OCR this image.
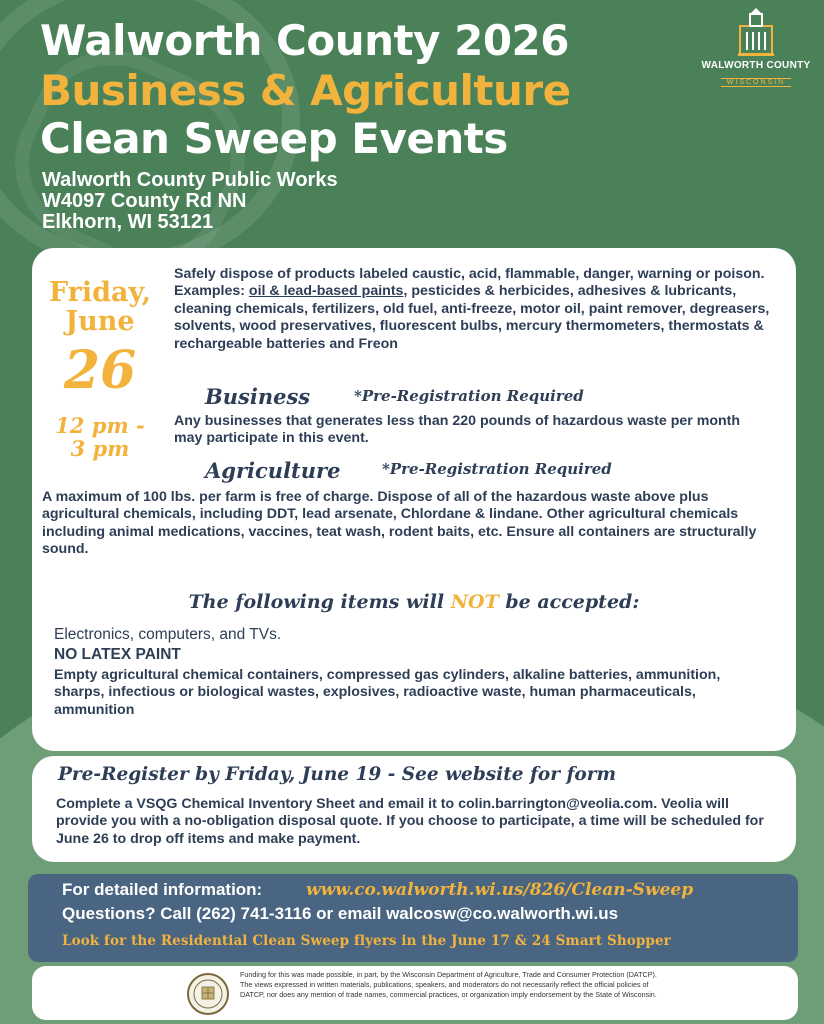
Walworth County 2026
Business & Agriculture
Clean Sweep Events
Walworth County Public Works
W4097 County Rd NN
Elkhorn, WI 53121
WALWORTH COUNTY
WISCONSIN
Friday,
June
26
12 pm -
3 pm
Safely dispose of products labeled caustic, acid, flammable, danger, warning or poison. Examples: oil & lead-based paints, pesticides & herbicides, adhesives & lubricants, cleaning chemicals, fertilizers, old fuel, anti-freeze, motor oil, paint remover, degreasers, solvents, wood preservatives, fluorescent bulbs, mercury thermometers, thermostats & rechargeable batteries and Freon
Business	*Pre-Registration Required
Any businesses that generates less than 220 pounds of hazardous waste per month may participate in this event.
Agriculture	*Pre-Registration Required
A maximum of 100 lbs. per farm is free of charge. Dispose of all of the hazardous waste above plus agricultural chemicals, including DDT, lead arsenate, Chlordane & lindane. Other agricultural chemicals including animal medications, vaccines, teat wash, rodent baits, etc. Ensure all containers are structurally sound.
The following items will NOT be accepted:
Electronics, computers, and TVs.
NO LATEX PAINT
Empty agricultural chemical containers, compressed gas cylinders, alkaline batteries, ammunition, sharps, infectious or biological wastes, explosives, radioactive waste, human pharmaceuticals, ammunition
Pre-Register by Friday, June 19 - See website for form
Complete a VSQG Chemical Inventory Sheet and email it to colin.barrington@veolia.com. Veolia will provide you with a no-obligation disposal quote. If you choose to participate, a time will be scheduled for June 26 to drop off items and make payment.
For detailed information:	www.co.walworth.wi.us/826/Clean-Sweep
Questions? Call (262) 741-3116 or email walcosw@co.walworth.wi.us
Look for the Residential Clean Sweep flyers in the June 17 & 24 Smart Shopper
Funding for this was made possible, in part, by the Wisconsin Department of Agriculture, Trade and Consumer Protection (DATCP). The views expressed in written materials, publications, speakers, and moderators do not necessarily reflect the official policies of DATCP, nor does any mention of trade names, commercial practices, or organization imply endorsement by the State of Wisconsin.
